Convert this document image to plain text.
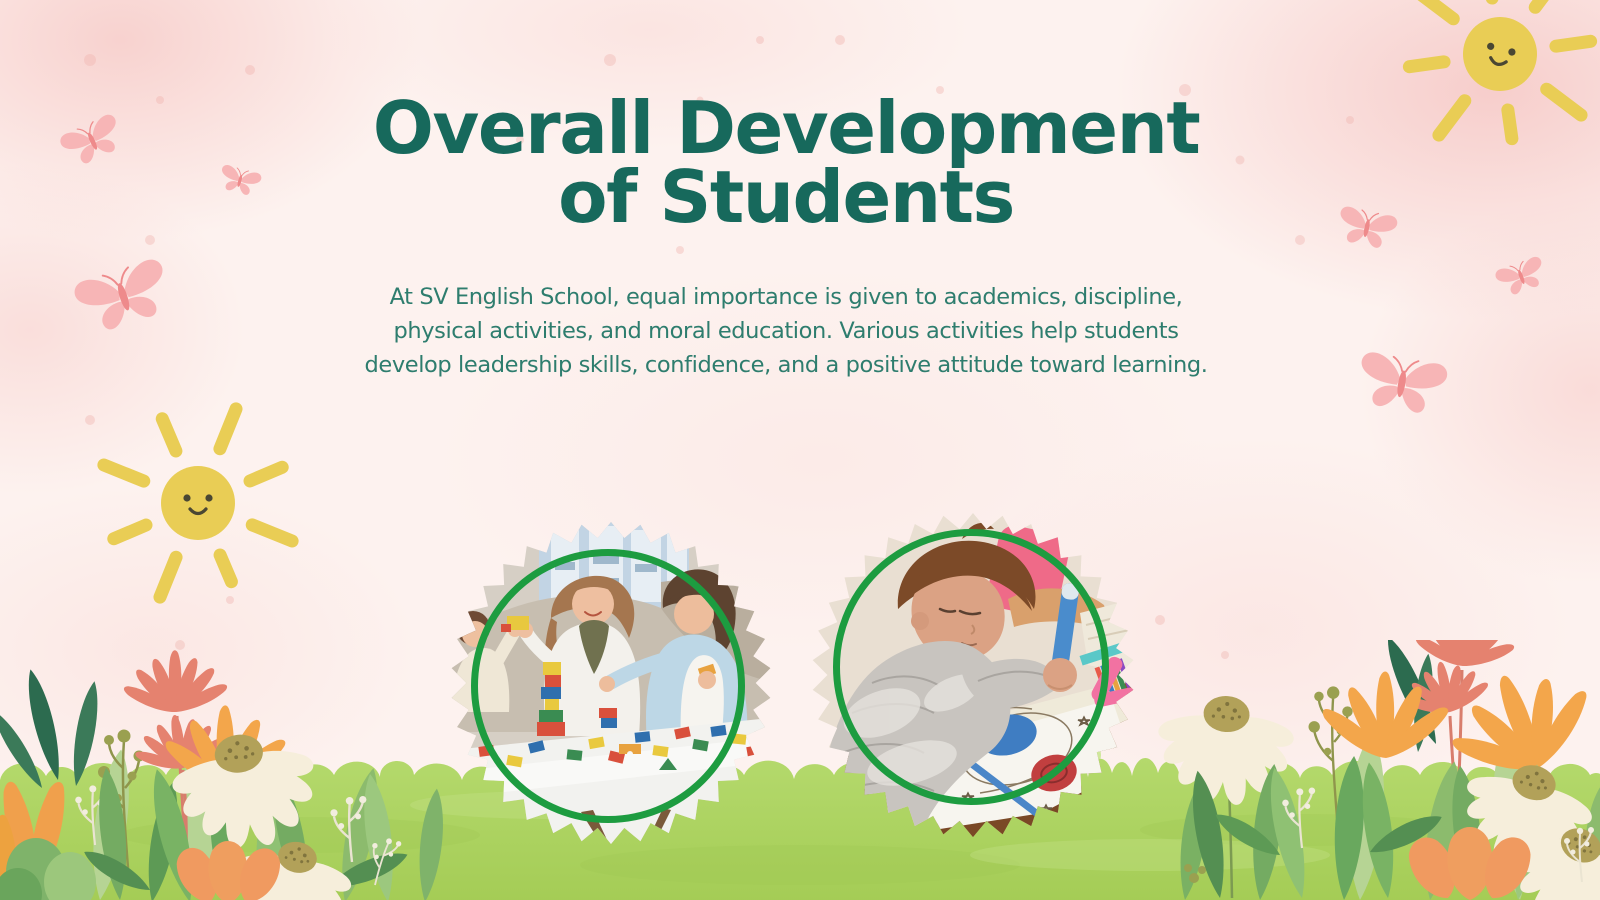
Overall Development
of Students
At SV English School, equal importance is given to academics, discipline,
physical activities, and moral education. Various activities help students
develop leadership skills, confidence, and a positive attitude toward learning.
